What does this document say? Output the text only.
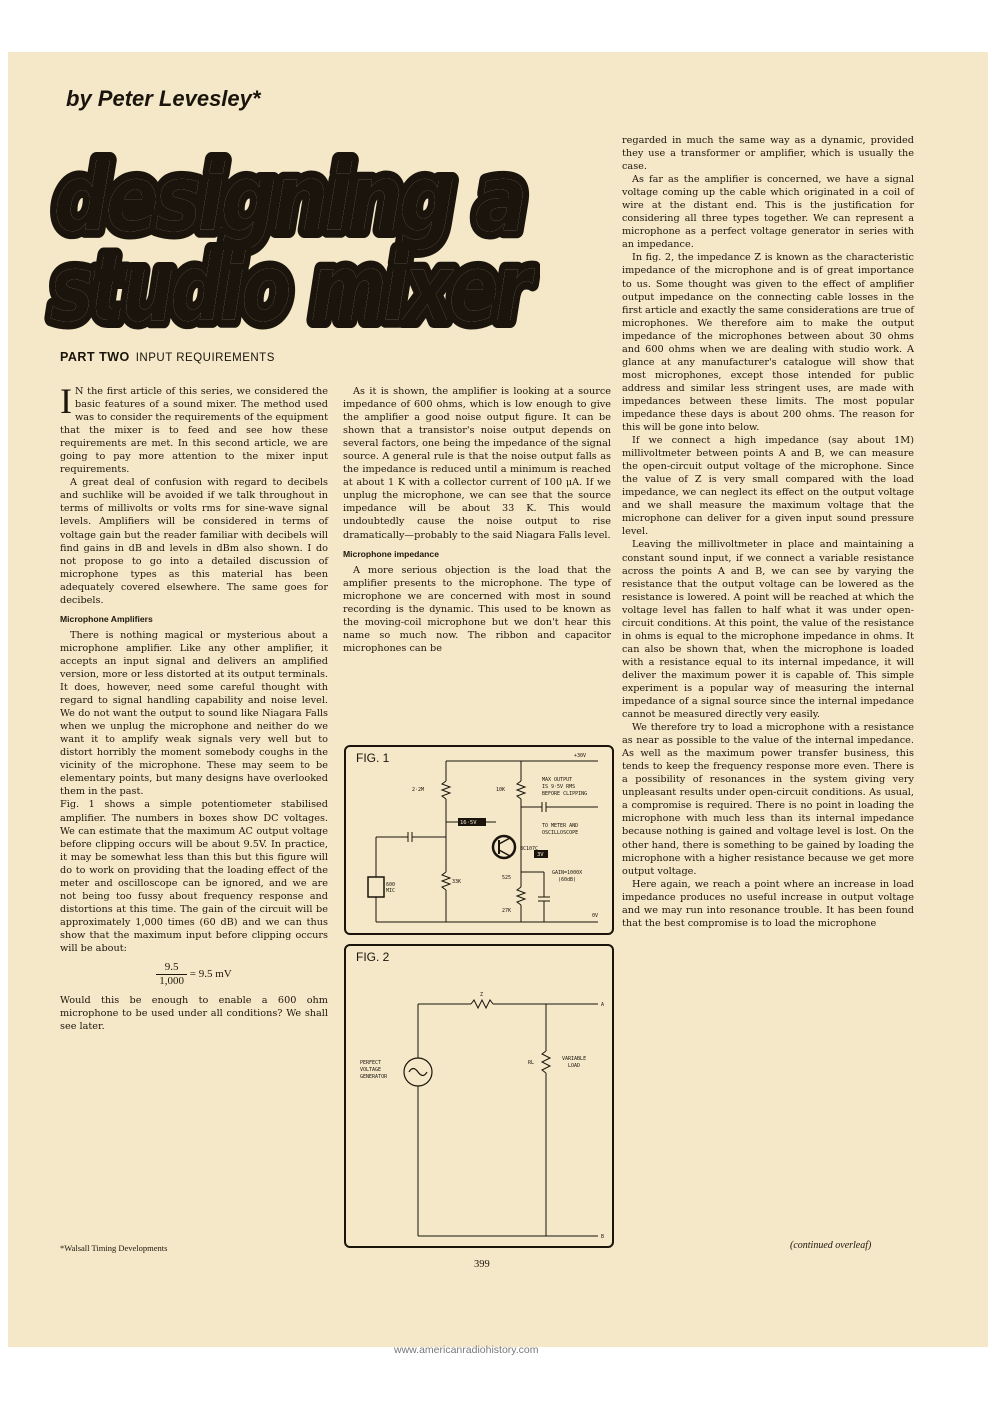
by Peter Levesley*
designing a
designing a
designing a
studio mixer
studio mixer
studio mixer
PART TWO INPUT REQUIREMENTS

I N the first article of this series, we considered the basic features of a sound mixer. The method used was to consider the requirements of the equipment that the mixer is to feed and see how these requirements are met. In this second article, we are going to pay more attention to the mixer input requirements.

A great deal of confusion with regard to decibels and suchlike will be avoided if we talk throughout in terms of millivolts or volts rms for sine-wave signal levels. Amplifiers will be considered in terms of voltage gain but the reader familiar with decibels will find gains in dB and levels in dBm also shown. I do not propose to go into a detailed discussion of microphone types as this material has been adequately covered elsewhere. The same goes for decibels.

Microphone Amplifiers

There is nothing magical or mysterious about a microphone amplifier. Like any other amplifier, it accepts an input signal and delivers an amplified version, more or less distorted at its output terminals. It does, however, need some careful thought with regard to signal handling capability and noise level. We do not want the output to sound like Niagara Falls when we unplug the microphone and neither do we want it to amplify weak signals very well but to distort horribly the moment somebody coughs in the vicinity of the microphone. These may seem to be elementary points, but many designs have overlooked them in the past.

Fig. 1 shows a simple potentiometer stabilised amplifier. The numbers in boxes show DC voltages. We can estimate that the maximum AC output voltage before clipping occurs will be about 9.5V. In practice, it may be somewhat less than this but this figure will do to work on providing that the loading effect of the meter and oscilloscope can be ignored, and we are not being too fussy about frequency response and distortions at this time. The gain of the circuit will be approximately 1,000 times (60 dB) and we can thus show that the maximum input before clipping occurs will be about:

$\frac{9.5}{1,000} = 9.5$ mV

Would this be enough to enable a 600 ohm microphone to be used under all conditions? We shall see later.

As it is shown, the amplifier is looking at a source impedance of 600 ohms, which is low enough to give the amplifier a good noise output figure. It can be shown that a transistor's noise output depends on several factors, one being the impedance of the signal source. A general rule is that the noise output falls as the impedance is reduced until a minimum is reached at about 1 K with a collector current of 100 μA. If we unplug the microphone, we can see that the source impedance will be about 33 K. This would undoubtedly cause the noise output to rise dramatically—probably to the said Niagara Falls level.

Microphone impedance

A more serious objection is the load that the amplifier presents to the microphone. The type of microphone we are concerned with most in sound recording is the dynamic. This used to be known as the moving-coil microphone but we don't hear this name so much now. The ribbon and capacitor microphones can be

regarded in much the same way as a dynamic, provided they use a transformer or amplifier, which is usually the case.

As far as the amplifier is concerned, we have a signal voltage coming up the cable which originated in a coil of wire at the distant end. This is the justification for considering all three types together. We can represent a microphone as a perfect voltage generator in series with an impedance.

In fig. 2, the impedance Z is known as the characteristic impedance of the microphone and is of great importance to us. Some thought was given to the effect of amplifier output impedance on the connecting cable losses in the first article and exactly the same considerations are true of microphones. We therefore aim to make the output impedance of the microphones between about 30 ohms and 600 ohms when we are dealing with studio work. A glance at any manufacturer's catalogue will show that most microphones, except those intended for public address and similar less stringent uses, are made with impedances between these limits. The most popular impedance these days is about 200 ohms. The reason for this will be gone into below.

If we connect a high impedance (say about 1M) millivoltmeter between points A and B, we can measure the open-circuit output voltage of the microphone. Since the value of Z is very small compared with the load impedance, we can neglect its effect on the output voltage and we shall measure the maximum voltage that the microphone can deliver for a given input sound pressure level.

Leaving the millivoltmeter in place and maintaining a constant sound input, if we connect a variable resistance across the points A and B, we can see by varying the resistance that the output voltage can be lowered as the resistance is lowered. A point will be reached at which the voltage level has fallen to half what it was under open-circuit conditions. At this point, the value of the resistance in ohms is equal to the microphone impedance in ohms. It can also be shown that, when the microphone is loaded with a resistance equal to its internal impedance, it will deliver the maximum power it is capable of. This simple experiment is a popular way of measuring the internal impedance of a signal source since the internal impedance cannot be measured directly very easily.

We therefore try to load a microphone with a resistance as near as possible to the value of the internal impedance. As well as the maximum power transfer business, this tends to keep the frequency response more even. There is a possibility of resonances in the system giving very unpleasant results under open-circuit conditions. As usual, a compromise is required. There is no point in loading the microphone with much less than its internal impedance because nothing is gained and voltage level is lost. On the other hand, there is something to be gained by loading the microphone with a higher resistance because we get more output voltage.

Here again, we reach a point where an increase in load impedance produces no useful increase in output voltage and we may run into resonance trouble. It has been found that the best compromise is to load the microphone

FIG. 1	+30V
2·2M	10K
33K
27K
525
16·5V
3V
BC107C
MAX OUTPUT
IS 9·5V RMS
BEFORE CLIPPING
TO METER AND
OSCILLOSCOPE
GAIN=1000X
(60dB)
600
MIC
0V
FIG. 2
Z
A
B
PERFECT
VOLTAGE
GENERATOR
RL
VARIABLE
LOAD
*Walsall Timing Developments
399
(continued overleaf)
www.americanradiohistory.com
